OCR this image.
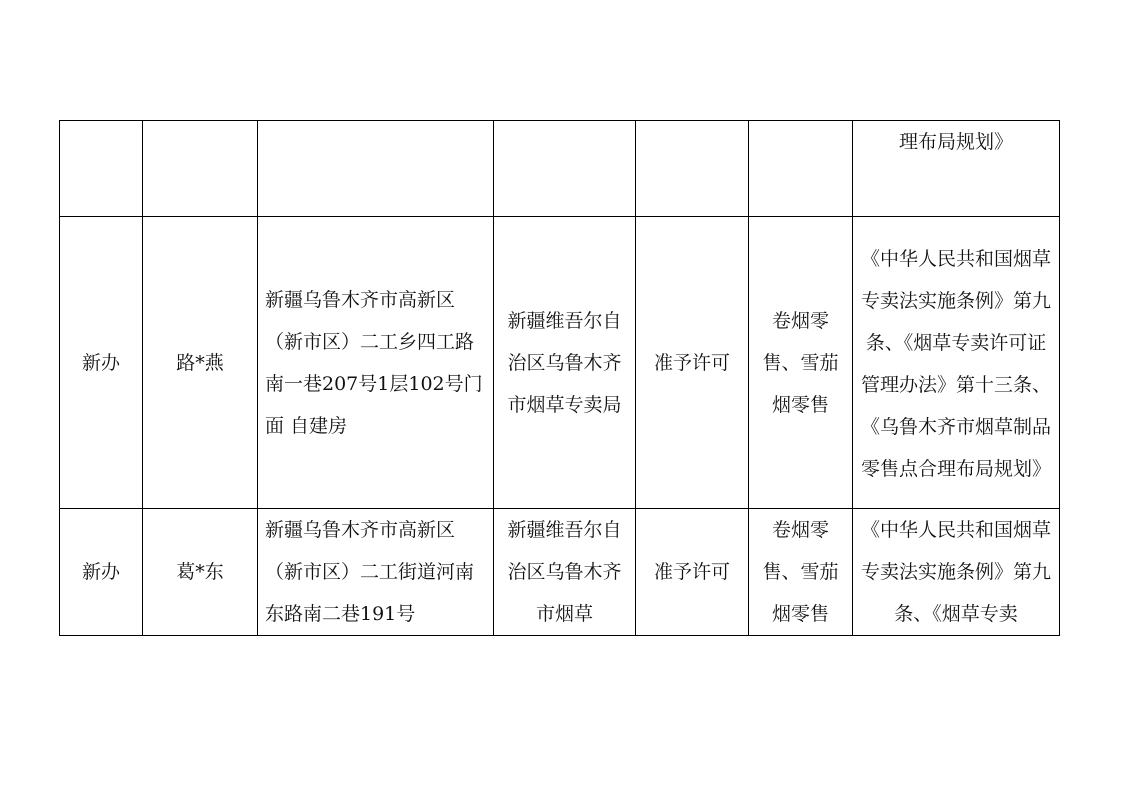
						理布局规划》

新办	路*燕	新疆乌鲁木齐市高新区（新市区）二工乡四工路南一巷207号1层102号门面 自建房	新疆维吾尔自治区乌鲁木齐市烟草专卖局	准予许可	卷烟零售、雪茄烟零售	《中华人民共和国烟草专卖法实施条例》第九条、《烟草专卖许可证管理办法》第十三条、《乌鲁木齐市烟草制品零售点合理布局规划》

新办	葛*东	新疆乌鲁木齐市高新区（新市区）二工街道河南东路南二巷191号	新疆维吾尔自治区乌鲁木齐市烟草	准予许可	卷烟零售、雪茄烟零售	《中华人民共和国烟草专卖法实施条例》第九条、《烟草专卖
